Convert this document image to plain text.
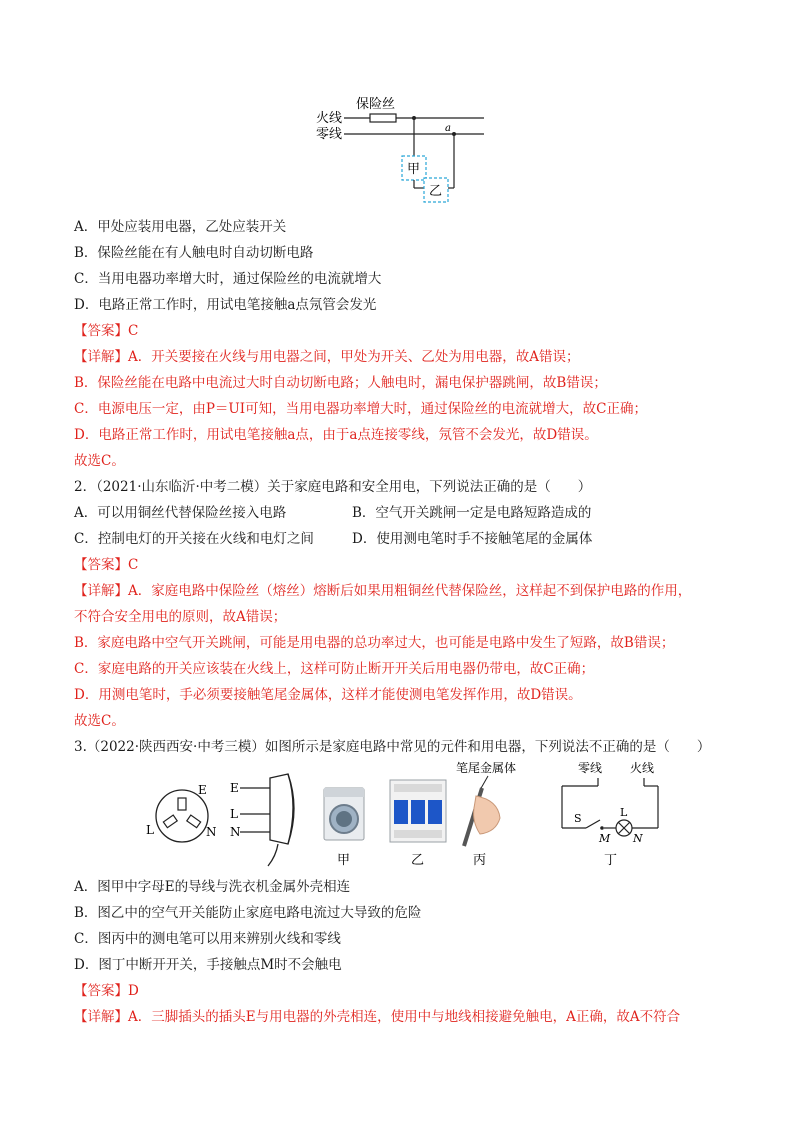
保险丝
火线
零线	a
甲
乙
A．甲处应装用电器，乙处应装开关
B．保险丝能在有人触电时自动切断电路
C．当用电器功率增大时，通过保险丝的电流就增大
D．电路正常工作时，用试电笔接触a点氖管会发光
【答案】C
【详解】A．开关要接在火线与用电器之间，甲处为开关、乙处为用电器，故A错误；
B．保险丝能在电路中电流过大时自动切断电路；人触电时，漏电保护器跳闸，故B错误；
C．电源电压一定，由P＝UI可知，当用电器功率增大时，通过保险丝的电流就增大，故C正确；
D．电路正常工作时，用试电笔接触a点，由于a点连接零线，氖管不会发光，故D错误。
故选C。
2．（2021·山东临沂·中考二模）关于家庭电路和安全用电，下列说法正确的是（　　）
A．可以用铜丝代替保险丝接入电路	B．空气开关跳闸一定是电路短路造成的
C．控制电灯的开关接在火线和电灯之间	D．使用测电笔时手不接触笔尾的金属体
【答案】C
【详解】A．家庭电路中保险丝（熔丝）熔断后如果用粗铜丝代替保险丝，这样起不到保护电路的作用，
不符合安全用电的原则，故A错误；
B．家庭电路中空气开关跳闸，可能是用电器的总功率过大，也可能是电路中发生了短路，故B错误；
C．家庭电路的开关应该装在火线上，这样可防止断开开关后用电器仍带电，故C正确；
D．用测电笔时，手必须要接触笔尾金属体，这样才能使测电笔发挥作用，故D错误。
故选C。
3.（2022·陕西西安·中考三模）如图所示是家庭电路中常见的元件和用电器，下列说法不正确的是（　　）
E
L	N
E
L
N
甲	乙
笔尾金属体
丙
零线 火线
S	L
M N
丁
A．图甲中字母E的导线与洗衣机金属外壳相连
B．图乙中的空气开关能防止家庭电路电流过大导致的危险
C．图丙中的测电笔可以用来辨别火线和零线
D．图丁中断开开关，手接触点M时不会触电
【答案】D
【详解】A．三脚插头的插头E与用电器的外壳相连，使用中与地线相接避免触电，A正确，故A不符合
